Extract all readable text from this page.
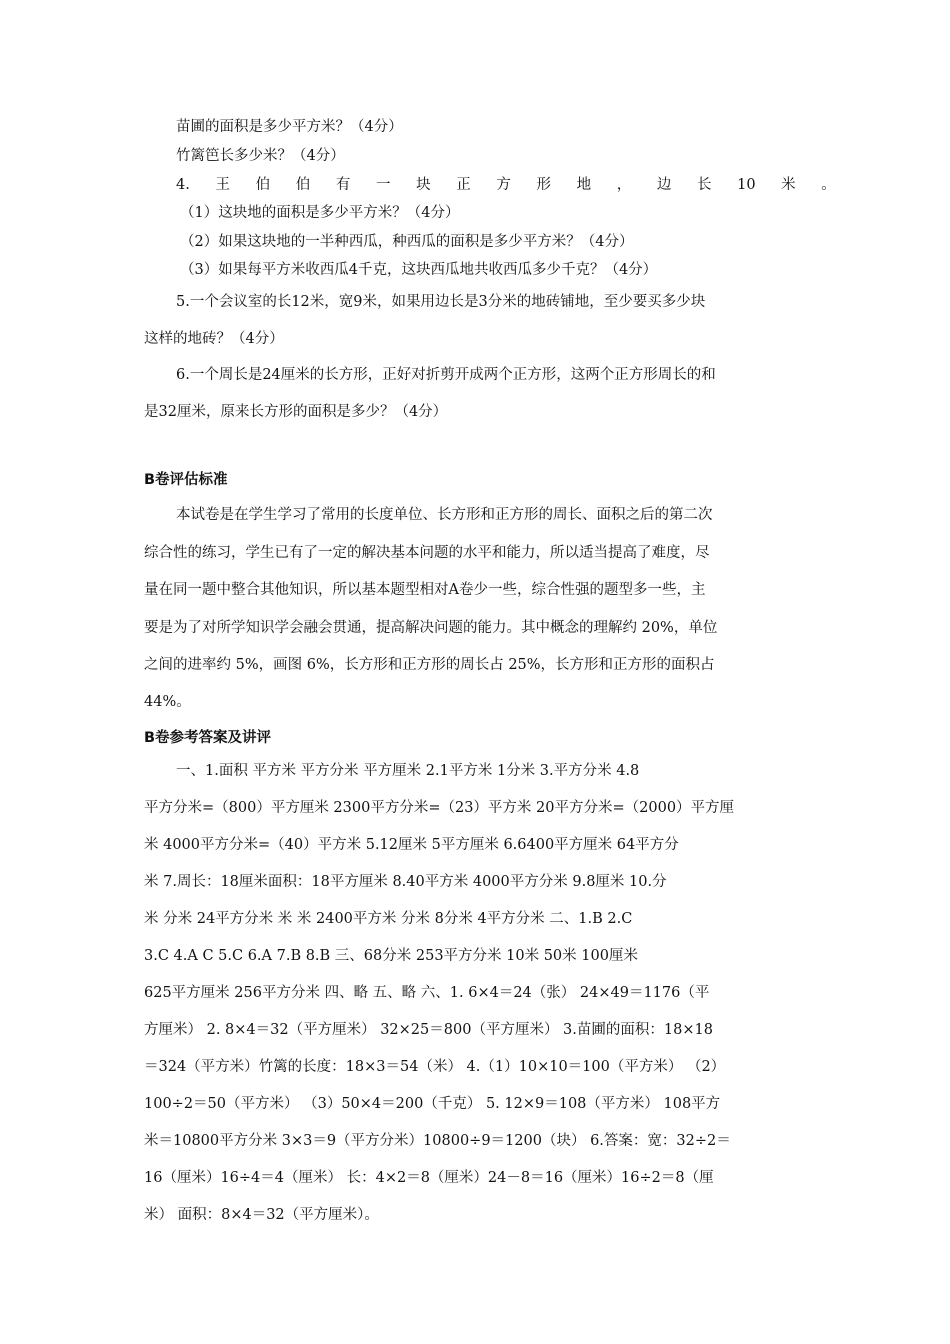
苗圃的面积是多少平方米？（4分）
竹篱笆长多少米？（4分）
4. 王 伯 伯 有 一 块 正 方 形 地 ， 边 长 10 米 。
（1）这块地的面积是多少平方米？（4分）
（2）如果这块地的一半种西瓜，种西瓜的面积是多少平方米？（4分）
（3）如果每平方米收西瓜4千克，这块西瓜地共收西瓜多少千克？（4分）
5.一个会议室的长12米，宽9米，如果用边长是3分米的地砖铺地，至少要买多少块
这样的地砖？（4分）
6.一个周长是24厘米的长方形，正好对折剪开成两个正方形，这两个正方形周长的和
是32厘米，原来长方形的面积是多少？（4分）
B卷评估标准
本试卷是在学生学习了常用的长度单位、长方形和正方形的周长、面积之后的第二次
综合性的练习，学生已有了一定的解决基本问题的水平和能力，所以适当提高了难度，尽
量在同一题中整合其他知识，所以基本题型相对A卷少一些，综合性强的题型多一些，主
要是为了对所学知识学会融会贯通，提高解决问题的能力。其中概念的理解约 20%，单位
之间的进率约 5%，画图 6%，长方形和正方形的周长占 25%，长方形和正方形的面积占
44%。
B卷参考答案及讲评
一、1.面积 平方米 平方分米 平方厘米 2.1平方米 1分米 3.平方分米 4.8
平方分米=（800）平方厘米 2300平方分米=（23）平方米 20平方分米=（2000）平方厘
米 4000平方分米=（40）平方米 5.12厘米 5平方厘米 6.6400平方厘米 64平方分
米 7.周长：18厘米面积：18平方厘米 8.40平方米 4000平方分米 9.8厘米 10.分
米 分米 24平方分米 米 米 2400平方米 分米 8分米 4平方分米 二、1.B 2.C
3.C 4.A C 5.C 6.A 7.B 8.B 三、68分米 253平方分米 10米 50米 100厘米
625平方厘米 256平方分米 四、略 五、略 六、1. 6×4＝24（张） 24×49＝1176（平
方厘米） 2. 8×4＝32（平方厘米） 32×25＝800（平方厘米） 3.苗圃的面积：18×18
＝324（平方米）竹篱的长度：18×3＝54（米） 4.（1）10×10＝100（平方米） （2）
100÷2＝50（平方米） （3）50×4＝200（千克） 5. 12×9＝108（平方米） 108平方
米＝10800平方分米 3×3＝9（平方分米）10800÷9＝1200（块） 6.答案：宽：32÷2＝
16（厘米）16÷4＝4（厘米） 长：4×2＝8（厘米）24－8＝16（厘米）16÷2＝8（厘
米） 面积：8×4＝32（平方厘米）。
